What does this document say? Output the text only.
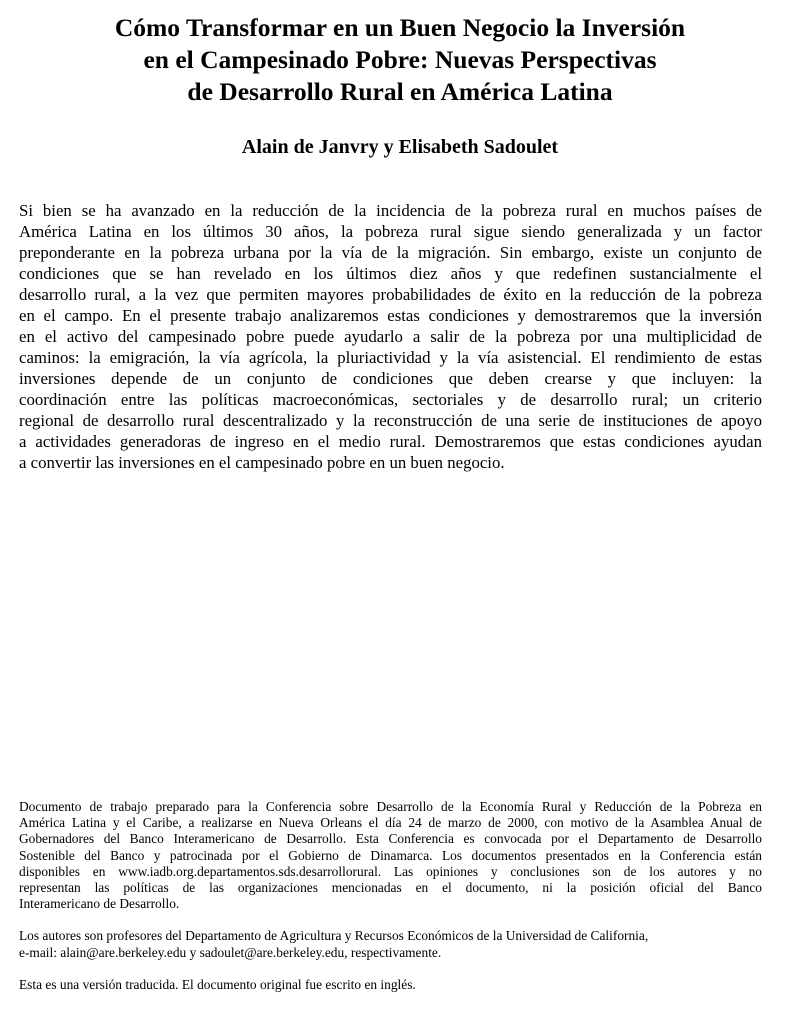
Cómo Transformar en un Buen Negocio la Inversión
en el Campesinado Pobre: Nuevas Perspectivas
de Desarrollo Rural en América Latina

Alain de Janvry y Elisabeth Sadoulet

Si bien se ha avanzado en la reducción de la incidencia de la pobreza rural en muchos países de
América Latina en los últimos 30 años, la pobreza rural sigue siendo generalizada y un factor
preponderante en la pobreza urbana por la vía de la migración. Sin embargo, existe un conjunto de
condiciones que se han revelado en los últimos diez años y que redefinen sustancialmente el
desarrollo rural, a la vez que permiten mayores probabilidades de éxito en la reducción de la pobreza
en el campo. En el presente trabajo analizaremos estas condiciones y demostraremos que la inversión
en el activo del campesinado pobre puede ayudarlo a salir de la pobreza por una multiplicidad de
caminos: la emigración, la vía agrícola, la pluriactividad y la vía asistencial. El rendimiento de estas
inversiones depende de un conjunto de condiciones que deben crearse y que incluyen: la
coordinación entre las políticas macroeconómicas, sectoriales y de desarrollo rural; un criterio
regional de desarrollo rural descentralizado y la reconstrucción de una serie de instituciones de apoyo
a actividades generadoras de ingreso en el medio rural. Demostraremos que estas condiciones ayudan
a convertir las inversiones en el campesinado pobre en un buen negocio.
Documento de trabajo preparado para la Conferencia sobre Desarrollo de la Economía Rural y Reducción de la Pobreza en
América Latina y el Caribe, a realizarse en Nueva Orleans el día 24 de marzo de 2000, con motivo de la Asamblea Anual de
Gobernadores del Banco Interamericano de Desarrollo. Esta Conferencia es convocada por el Departamento de Desarrollo
Sostenible del Banco y patrocinada por el Gobierno de Dinamarca. Los documentos presentados en la Conferencia están
disponibles en www.iadb.org.departamentos.sds.desarrollorural. Las opiniones y conclusiones son de los autores y no
representan las políticas de las organizaciones mencionadas en el documento, ni la posición oficial del Banco
Interamericano de Desarrollo.
Los autores son profesores del Departamento de Agricultura y Recursos Económicos de la Universidad de California,
e-mail: alain@are.berkeley.edu y sadoulet@are.berkeley.edu, respectivamente.
Esta es una versión traducida. El documento original fue escrito en inglés.
